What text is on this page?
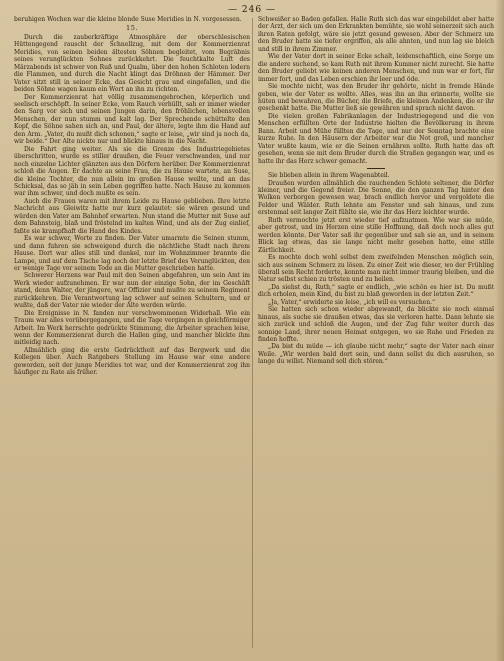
— 246 —

beruhigen Wochen war die kleine blonde Suse Meridies in N. vorgesessen.

15.

Durch die zauberkräftige Atmosphäre der oberschlesischen Hüttengegend rauscht der Schnellzug, mit dem der Kommerzienrat Meridies, von seinen beiden ältesten Söhnen begleitet, vom Begräbnis seines verunglückten Sohnes zurückkehrt. Die feuchtkalte Luft des Märzabends ist schwer von Ruß und Qualm, über den hohen Schloten lodern die Flammen, und durch die Nacht klingt das Dröhnen der Hämmer. Der Vater sitzt still in seiner Ecke, das Gesicht grau und eingefallen, und die beiden Söhne wagen kaum ein Wort an ihn zu richten.

Der Kommerzienrat hat völlig zusammengebrochen, körperlich und seelisch erschöpft. In seiner Ecke, vom Rauch verhüllt, sah er immer wieder den Sarg vor sich und seinen Jungen darin, den fröhlichen, lebensvollen Menschen, der nun stumm und kalt lag. Der Sprechende schüttelte den Kopf, die Söhne sahen sich an, und Paul, der ältere, legte ihm die Hand auf den Arm. „Vater, du mußt dich schonen,“ sagte er leise, „wir sind ja noch da, wir beide.“ Der Alte nickte nur und blickte hinaus in die Nacht.

Die Fahrt ging weiter. Als sie die Grenze des Industriegebietes überschritten, wurde es stiller draußen, die Feuer verschwanden, und nur noch einzelne Lichter glänzten aus den Dörfern herüber. Der Kommerzienrat schloß die Augen. Er dachte an seine Frau, die zu Hause wartete, an Suse, die kleine Tochter, die nun allein im großen Hause weilte, und an das Schicksal, das so jäh in sein Leben gegriffen hatte. Nach Hause zu kommen war ihm schwer, und doch mußte es sein.

Auch die Frauen waren mit ihrem Leide zu Hause geblieben. Ihre letzte Nachricht aus Gleiwitz hatte nur kurz gelautet: sie wären gesund und würden den Vater am Bahnhof erwarten. Nun stand die Mutter mit Suse auf dem Bahnsteig, blaß und fröstelnd im kalten Wind, und als der Zug einlief, faßte sie krampfhaft die Hand des Kindes.

Es war schwer, Worte zu finden. Der Vater umarmte die Seinen stumm, und dann fuhren sie schweigend durch die nächtliche Stadt nach ihrem Hause. Dort war alles still und dunkel, nur im Wohnzimmer brannte die Lampe, und auf dem Tische lag noch der letzte Brief des Verunglückten, den er wenige Tage vor seinem Tode an die Mutter geschrieben hatte.

Schwerer Herzens war Paul mit den Seinen abgefahren, um sein Amt im Werk wieder aufzunehmen. Er war nun der einzige Sohn, der im Geschäft stand, denn Walter, der jüngere, war Offizier und mußte zu seinem Regiment zurückkehren. Die Verantwortung lag schwer auf seinen Schultern, und er wußte, daß der Vater nie wieder der Alte werden würde.

Die Ereignisse in N. fanden nur verschwommenen Widerhall. Wie ein Traum war alles vorübergegangen, und die Tage vergingen in gleichförmiger Arbeit. Im Werk herrschte gedrückte Stimmung, die Arbeiter sprachen leise, wenn der Kommerzienrat durch die Hallen ging, und mancher blickte ihm mitleidig nach.

Allmählich ging die erste Gedrücktheit auf das Bergwerk und die Kollegen über. Auch Ratgebers Stellung im Hause war eine andere geworden, seit der junge Meridies tot war, und der Kommerzienrat zog ihn häufiger zu Rate als früher.

Schweißer so Baden gefallen. Halle Ruth sich das war eingebildet aber hatte der Arzt, der sich um den Erkrankten bemühte, sie wohl seinerzeit sich auch ihren Raten gefolgt, wäre sie jetzt gesund gewesen. Aber der Schmerz um den Bruder hatte sie tiefer ergriffen, als alle ahnten, und nun lag sie bleich und still in ihrem Zimmer.

Wie der Vater dort in seiner Ecke schalt, leidenschaftlich, eine Sorge um die andere suchend, so kam Ruth mit ihrem Kummer nicht zurecht. Sie hatte den Bruder geliebt wie keinen anderen Menschen, und nun war er fort, für immer fort, und das Leben erschien ihr leer und öde.

Sie mochte nicht, was den Bruder ihr gehörte, nicht in fremde Hände geben, wie der Vater es wollte. Alles, was ihn an ihn erinnerte, wollte sie hüten und bewahren, die Bücher, die Briefe, die kleinen Andenken, die er ihr geschenkt hatte. Die Mutter ließ sie gewähren und sprach nicht davon.

Die vielen großen Fabrikanlagen der Industriegegend und die von Menschen erfüllten Orte der Industrie hielten die Bevölkerung in ihrem Bann. Arbeit und Mühe füllten die Tage, und nur der Sonntag brachte eine kurze Ruhe. In den Häusern der Arbeiter war die Not groß, und mancher Vater wußte kaum, wie er die Seinen ernähren sollte. Ruth hatte das oft gesehen, wenn sie mit dem Bruder durch die Straßen gegangen war, und es hatte ihr das Herz schwer gemacht.

Sie blieben allein in ihrem Wagenabteil.

Draußen wurden allmählich die rauchenden Schlote seltener, die Dörfer kleiner, und die Gegend freier. Die Sonne, die den ganzen Tag hinter den Wolken verborgen gewesen war, brach endlich hervor und vergoldete die Felder und Wälder. Ruth lehnte am Fenster und sah hinaus, und zum erstenmal seit langer Zeit fühlte sie, wie ihr das Herz leichter wurde.

Ruth vermochte jetzt erst wieder tief aufzuatmen. Wie war sie müde, aber getrost, und im Herzen eine stille Hoffnung, daß doch noch alles gut werden könnte. Der Vater saß ihr gegenüber und sah sie an, und in seinem Blick lag etwas, das sie lange nicht mehr gesehen hatte, eine stille Zärtlichkeit.

Es mochte doch wohl selbst dem zweifelnden Menschen möglich sein, sich aus seinem Schmerz zu lösen. Zu einer Zeit wie dieser, wo der Frühling überall sein Recht forderte, konnte man nicht immer traurig bleiben, und die Natur selbst schien zu trösten und zu heilen.

„Da siehst du, Ruth,“ sagte er endlich, „wie schön es hier ist. Du mußt dich erholen, mein Kind, du bist zu blaß geworden in der letzten Zeit.“

„Ja, Vater,“ erwiderte sie leise, „ich will es versuchen.“

Sie hatten sich schon wieder abgewandt, da blickte sie noch einmal hinaus, als suche sie draußen etwas, das sie verloren hatte. Dann lehnte sie sich zurück und schloß die Augen, und der Zug fuhr weiter durch das sonnige Land, ihrer neuen Heimat entgegen, wo sie Ruhe und Frieden zu finden hoffte.

„Da bist du müde — ich glaube nicht mehr,“ sagte der Vater nach einer Weile. „Wir werden bald dort sein, und dann sollst du dich ausruhen, so lange du willst. Niemand soll dich stören.“
